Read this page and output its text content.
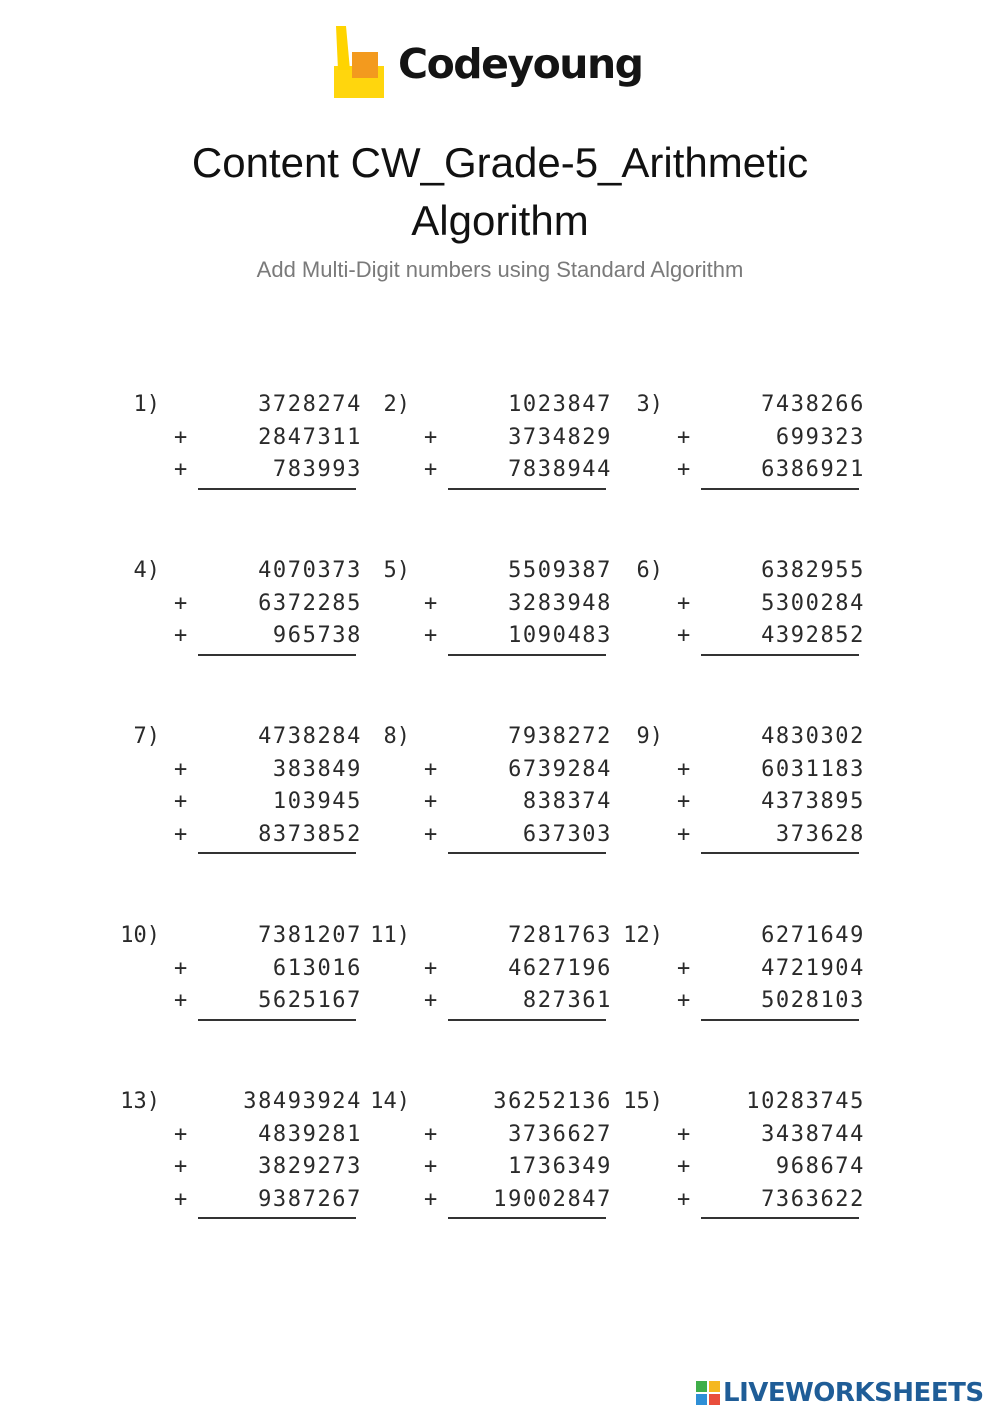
Codeyoung
Content CW_Grade-5_Arithmetic
Algorithm
Add Multi-Digit numbers using Standard Algorithm
1)	3728274
+	2847311
+	783993
2)	1023847
+	3734829
+	7838944
3)	7438266
+	699323
+	6386921
4)	4070373
+	6372285
+	965738
5)	5509387
+	3283948
+	1090483
6)	6382955
+	5300284
+	4392852
7)	4738284
+	383849
+	103945
+	8373852
8)	7938272
+	6739284
+	838374
+	637303
9)	4830302
+	6031183
+	4373895
+	373628
10)	7381207
+	613016
+	5625167
11)	7281763
+	4627196
+	827361
12)	6271649
+	4721904
+	5028103
13)	38493924
+	4839281
+	3829273
+	9387267
14)	36252136
+	3736627
+	1736349
+	19002847
15)	10283745
+	3438744
+	968674
+	7363622
LIVEWORKSHEETS
